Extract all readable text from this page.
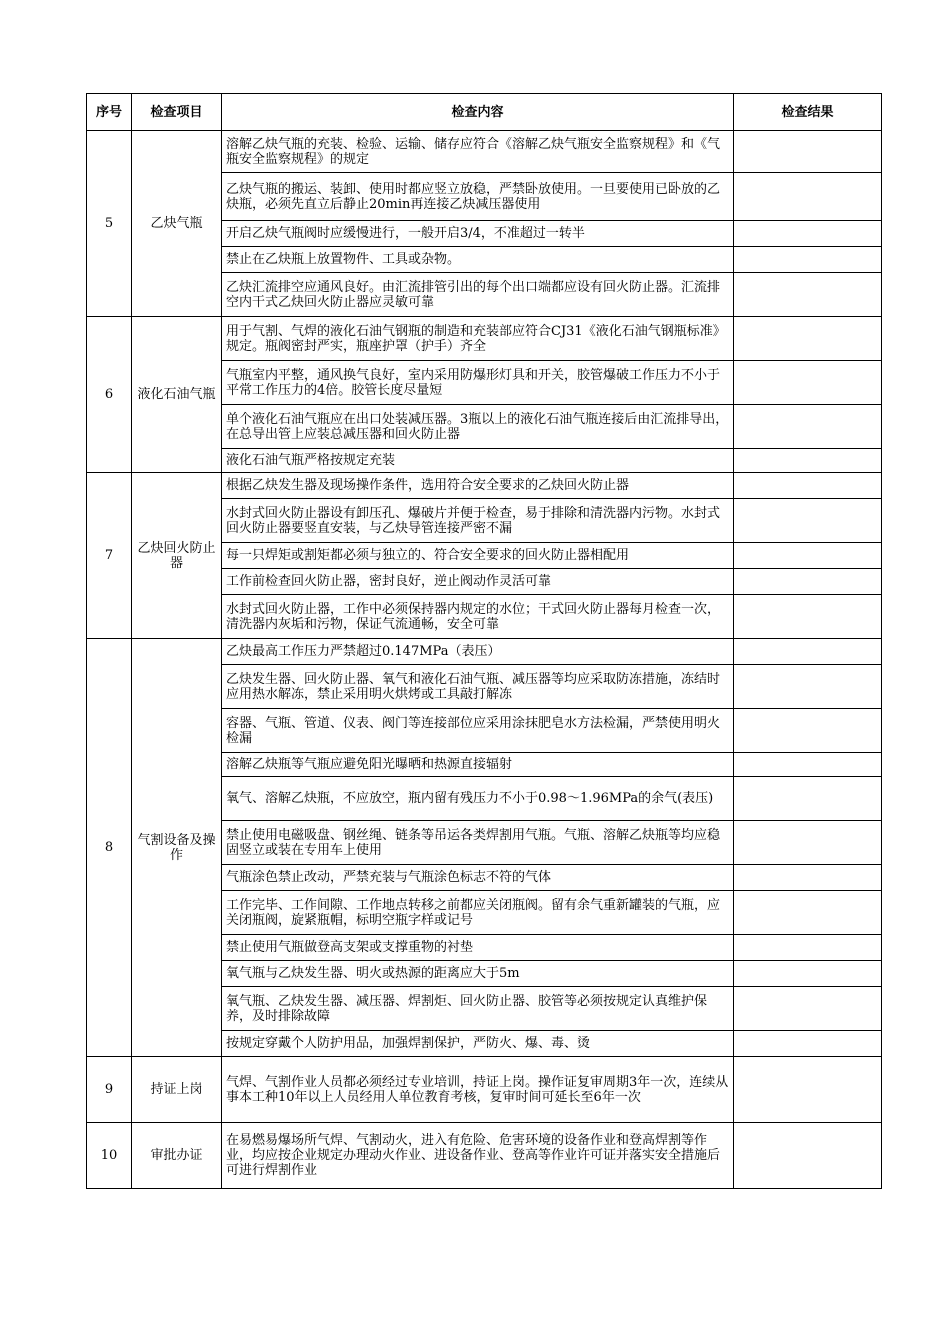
序号	检查项目	检查内容	检查结果
5	乙炔气瓶	溶解乙炔气瓶的充装、检验、运输、储存应符合《溶解乙炔气瓶安全监察规程》和《气瓶安全监察规程》的规定	
		乙炔气瓶的搬运、装卸、使用时都应竖立放稳，严禁卧放使用。一旦要使用已卧放的乙炔瓶，必须先直立后静止20min再连接乙炔减压器使用	
		开启乙炔气瓶阀时应缓慢进行，一般开启3/4，不准超过一转半	
		禁止在乙炔瓶上放置物件、工具或杂物。	
		乙炔汇流排空应通风良好。由汇流排管引出的每个出口端都应设有回火防止器。汇流排空内干式乙炔回火防止器应灵敏可靠	
6	液化石油气瓶	用于气割、气焊的液化石油气钢瓶的制造和充装部应符合CJ31《液化石油气钢瓶标准》规定。瓶阀密封严实，瓶座护罩（护手）齐全	
		气瓶室内平整，通风换气良好，室内采用防爆形灯具和开关，胶管爆破工作压力不小于平常工作压力的4倍。胶管长度尽量短	
		单个液化石油气瓶应在出口处装减压器。3瓶以上的液化石油气瓶连接后由汇流排导出，在总导出管上应装总减压器和回火防止器	
		液化石油气瓶严格按规定充装	
7	乙炔回火防止器	根据乙炔发生器及现场操作条件，选用符合安全要求的乙炔回火防止器	
		水封式回火防止器设有卸压孔、爆破片并便于检查，易于排除和清洗器内污物。水封式回火防止器要竖直安装，与乙炔导管连接严密不漏	
		每一只焊矩或割矩都必须与独立的、符合安全要求的回火防止器相配用	
		工作前检查回火防止器，密封良好，逆止阀动作灵活可靠	
		水封式回火防止器，工作中必须保持器内规定的水位；干式回火防止器每月检查一次，清洗器内灰垢和污物，保证气流通畅，安全可靠	
8	气割设备及操作	乙炔最高工作压力严禁超过0.147MPa（表压）	
		乙炔发生器、回火防止器、氧气和液化石油气瓶、减压器等均应采取防冻措施，冻结时应用热水解冻，禁止采用明火烘烤或工具敲打解冻	
		容器、气瓶、管道、仪表、阀门等连接部位应采用涂抹肥皂水方法检漏，严禁使用明火检漏	
		溶解乙炔瓶等气瓶应避免阳光曝晒和热源直接辐射	
		氧气、溶解乙炔瓶，不应放空，瓶内留有残压力不小于0.98～1.96MPa的余气(表压)	
		禁止使用电磁吸盘、钢丝绳、链条等吊运各类焊割用气瓶。气瓶、溶解乙炔瓶等均应稳固竖立或装在专用车上使用	
		气瓶涂色禁止改动，严禁充装与气瓶涂色标志不符的气体	
		工作完毕、工作间隙、工作地点转移之前都应关闭瓶阀。留有余气重新罐装的气瓶，应关闭瓶阀，旋紧瓶帽，标明空瓶字样或记号	
		禁止使用气瓶做登高支架或支撑重物的衬垫	
		氧气瓶与乙炔发生器、明火或热源的距离应大于5m	
		氧气瓶、乙炔发生器、减压器、焊割炬、回火防止器、胶管等必须按规定认真维护保养，及时排除故障	
		按规定穿戴个人防护用品，加强焊割保护，严防火、爆、毒、烫	
9	持证上岗	气焊、气割作业人员都必须经过专业培训，持证上岗。操作证复审周期3年一次，连续从事本工种10年以上人员经用人单位教育考核，复审时间可延长至6年一次	
10	审批办证	在易燃易爆场所气焊、气割动火，进入有危险、危害环境的设备作业和登高焊割等作业，均应按企业规定办理动火作业、进设备作业、登高等作业许可证并落实安全措施后可进行焊割作业	
